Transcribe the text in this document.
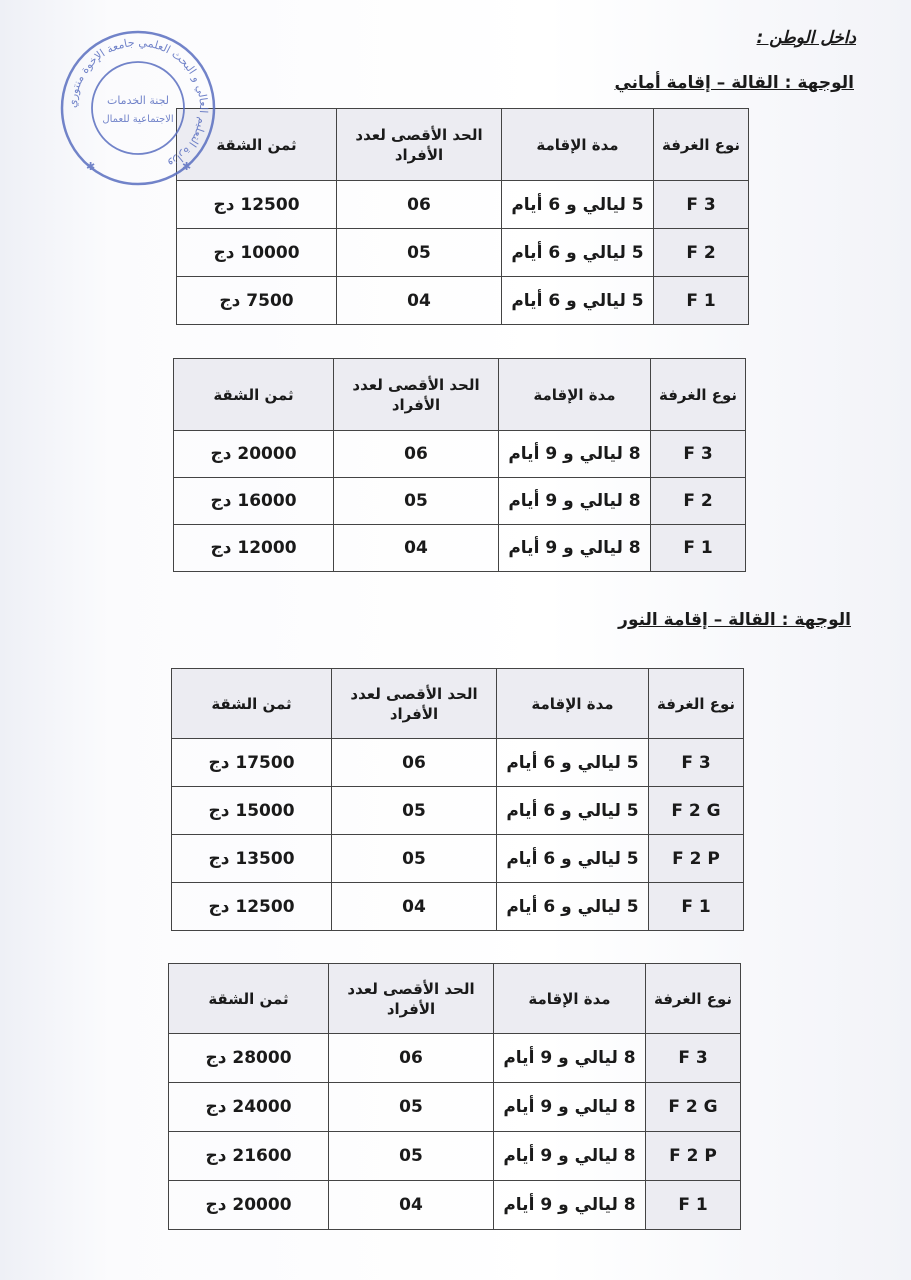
داخل الوطن :
الوجهة : القالة – إقامة أماني
نوع الغرفة	مدة الإقامة	الحد الأقصى لعدد الأفراد	ثمن الشقة
F 3	5 ليالي و 6 أيام	06	12500 دج
F 2	5 ليالي و 6 أيام	05	10000 دج
F 1	5 ليالي و 6 أيام	04	7500 دج
نوع الغرفة	مدة الإقامة	الحد الأقصى لعدد الأفراد	ثمن الشقة
F 3	8 ليالي و 9 أيام	06	20000 دج
F 2	8 ليالي و 9 أيام	05	16000 دج
F 1	8 ليالي و 9 أيام	04	12000 دج
الوجهة : القالة – إقامة النور
نوع الغرفة	مدة الإقامة	الحد الأقصى لعدد الأفراد	ثمن الشقة
F 3	5 ليالي و 6 أيام	06	17500 دج
F 2 G	5 ليالي و 6 أيام	05	15000 دج
F 2 P	5 ليالي و 6 أيام	05	13500 دج
F 1	5 ليالي و 6 أيام	04	12500 دج
نوع الغرفة	مدة الإقامة	الحد الأقصى لعدد الأفراد	ثمن الشقة
F 3	8 ليالي و 9 أيام	06	28000 دج
F 2 G	8 ليالي و 9 أيام	05	24000 دج
F 2 P	8 ليالي و 9 أيام	05	21600 دج
F 1	8 ليالي و 9 أيام	04	20000 دج
وزارة التعليم العالي و البحث العلمي جامعة الإخوة منتوري
لجنة الخدمات
الاجتماعية للعمال
✱	✱
